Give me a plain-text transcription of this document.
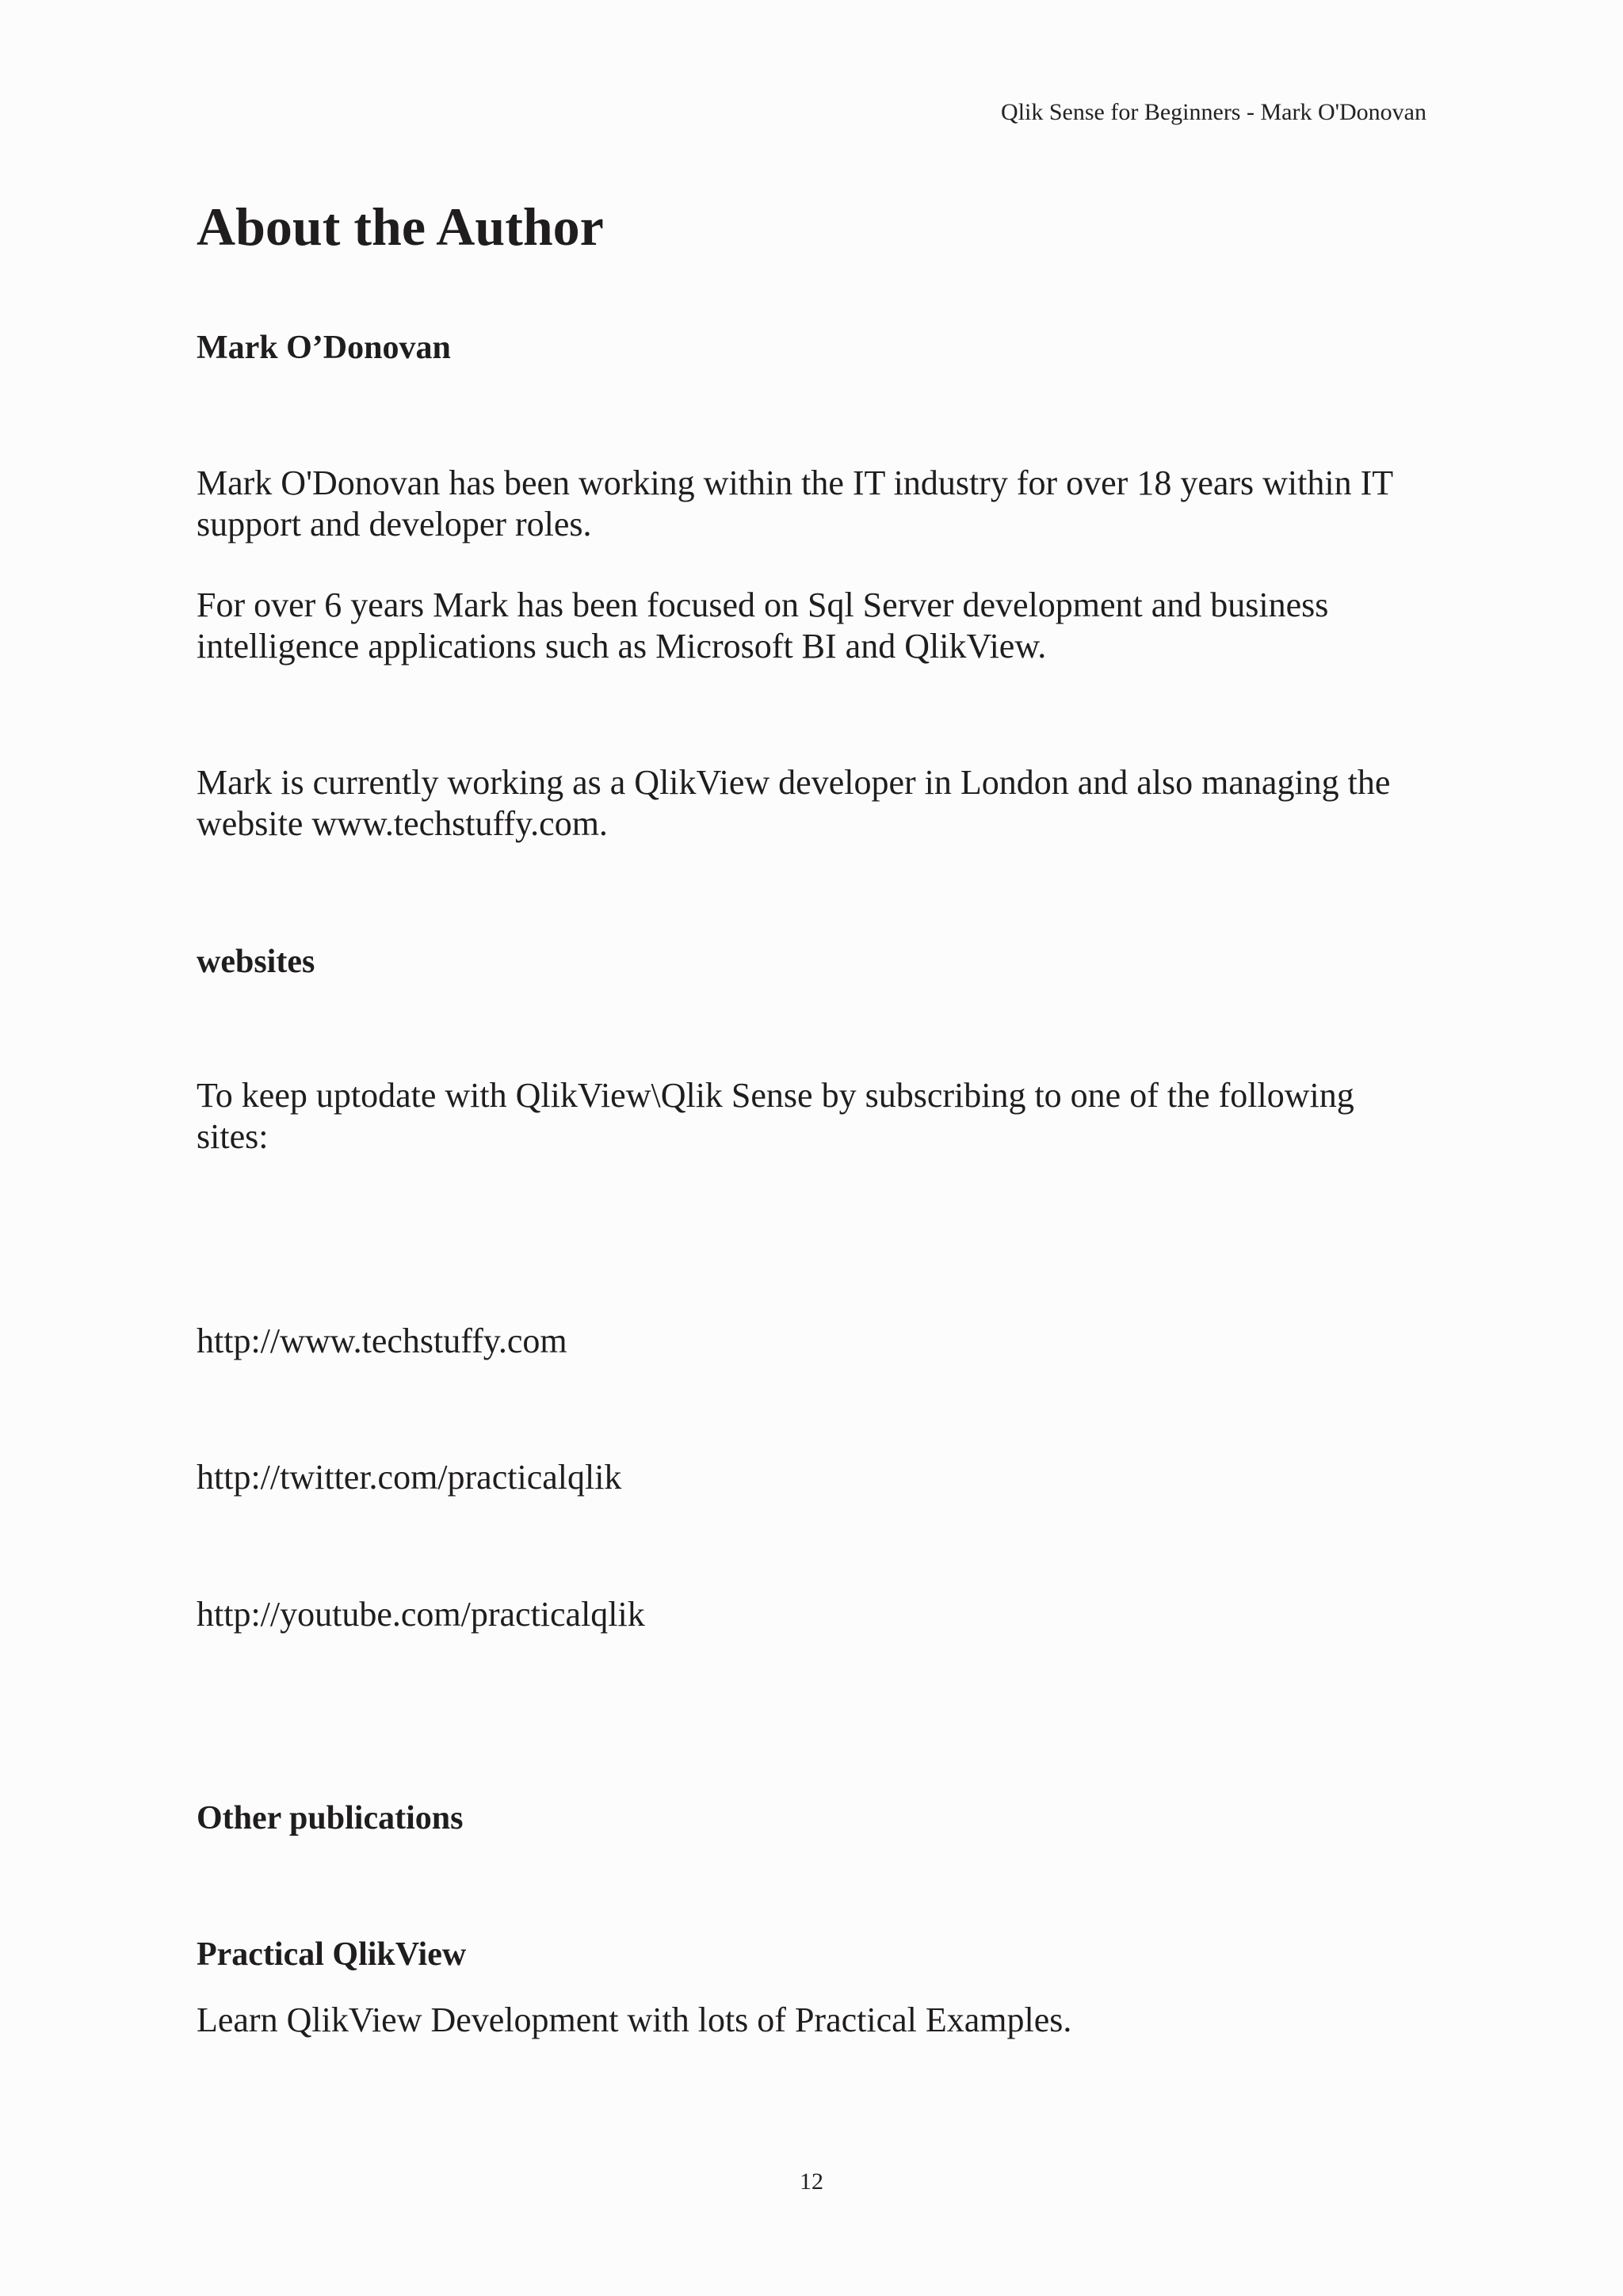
Qlik Sense for Beginners - Mark O'Donovan
About the Author
Mark O’Donovan

Mark O'Donovan has been working within the IT industry for over 18 years within IT support and developer roles.

For over 6 years Mark has been focused on Sql Server development and business intelligence applications such as Microsoft BI and QlikView.

Mark is currently working as a QlikView developer in London and also managing the website www.techstuffy.com.

websites

To keep uptodate with QlikView\Qlik Sense by subscribing to one of the following sites:

http://www.techstuffy.com
http://twitter.com/practicalqlik
http://youtube.com/practicalqlik
Other publications
Practical QlikView

Learn QlikView Development with lots of Practical Examples.

12
